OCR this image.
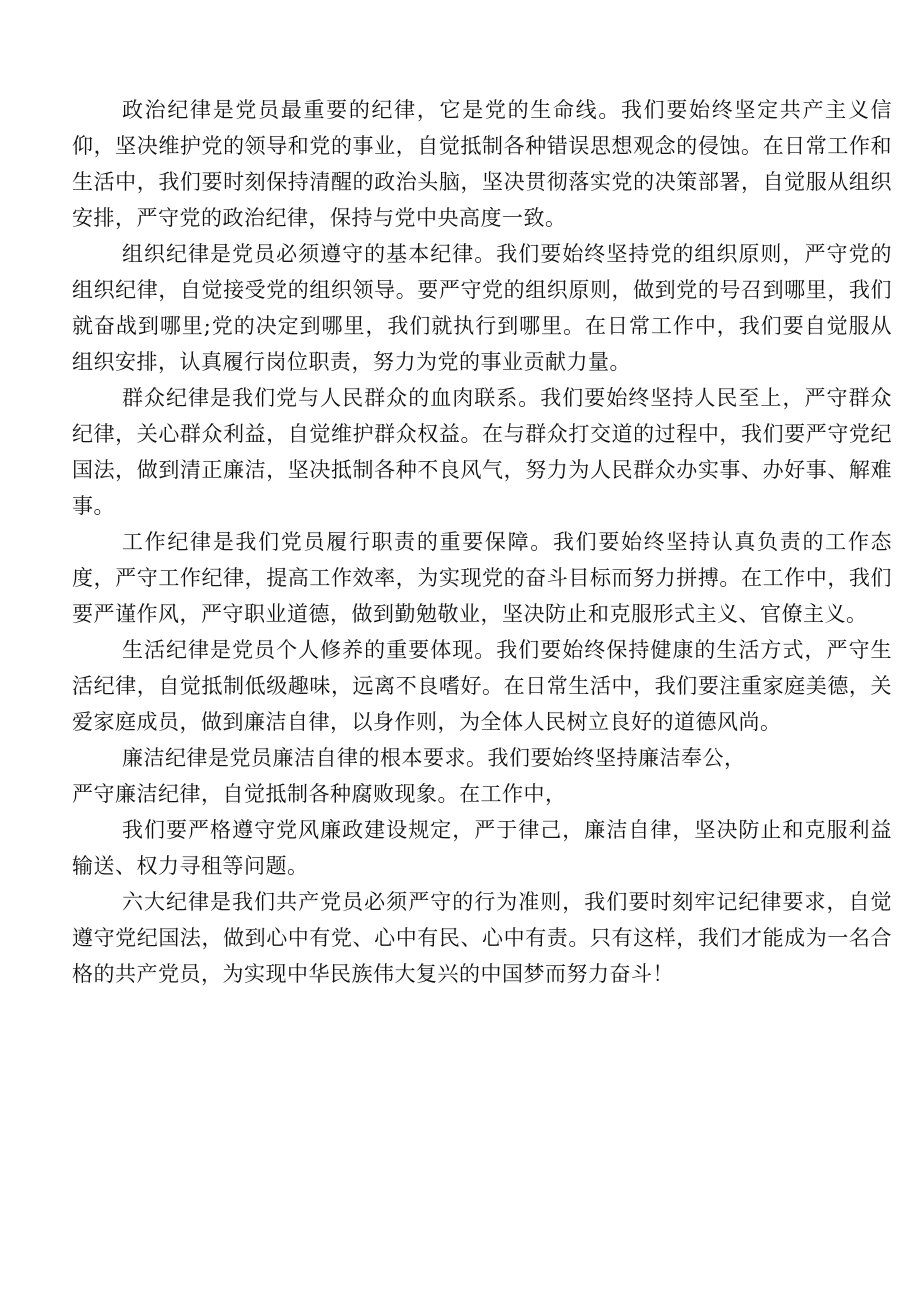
政治纪律是党员最重要的纪律，它是党的生命线。我们要始终坚定共产主义信仰，坚决维护党的领导和党的事业，自觉抵制各种错误思想观念的侵蚀。在日常工作和生活中，我们要时刻保持清醒的政治头脑，坚决贯彻落实党的决策部署，自觉服从组织安排，严守党的政治纪律，保持与党中央高度一致。

组织纪律是党员必须遵守的基本纪律。我们要始终坚持党的组织原则，严守党的组织纪律，自觉接受党的组织领导。要严守党的组织原则，做到党的号召到哪里，我们就奋战到哪里;党的决定到哪里，我们就执行到哪里。在日常工作中，我们要自觉服从组织安排，认真履行岗位职责，努力为党的事业贡献力量。

群众纪律是我们党与人民群众的血肉联系。我们要始终坚持人民至上，严守群众纪律，关心群众利益，自觉维护群众权益。在与群众打交道的过程中，我们要严守党纪国法，做到清正廉洁，坚决抵制各种不良风气，努力为人民群众办实事、办好事、解难事。

工作纪律是我们党员履行职责的重要保障。我们要始终坚持认真负责的工作态度，严守工作纪律，提高工作效率，为实现党的奋斗目标而努力拼搏。在工作中，我们要严谨作风，严守职业道德，做到勤勉敬业，坚决防止和克服形式主义、官僚主义。

生活纪律是党员个人修养的重要体现。我们要始终保持健康的生活方式，严守生活纪律，自觉抵制低级趣味，远离不良嗜好。在日常生活中，我们要注重家庭美德，关爱家庭成员，做到廉洁自律，以身作则，为全体人民树立良好的道德风尚。

廉洁纪律是党员廉洁自律的根本要求。我们要始终坚持廉洁奉公，

严守廉洁纪律，自觉抵制各种腐败现象。在工作中，

我们要严格遵守党风廉政建设规定，严于律己，廉洁自律，坚决防止和克服利益输送、权力寻租等问题。

六大纪律是我们共产党员必须严守的行为准则，我们要时刻牢记纪律要求，自觉遵守党纪国法，做到心中有党、心中有民、心中有责。只有这样，我们才能成为一名合格的共产党员，为实现中华民族伟大复兴的中国梦而努力奋斗！
